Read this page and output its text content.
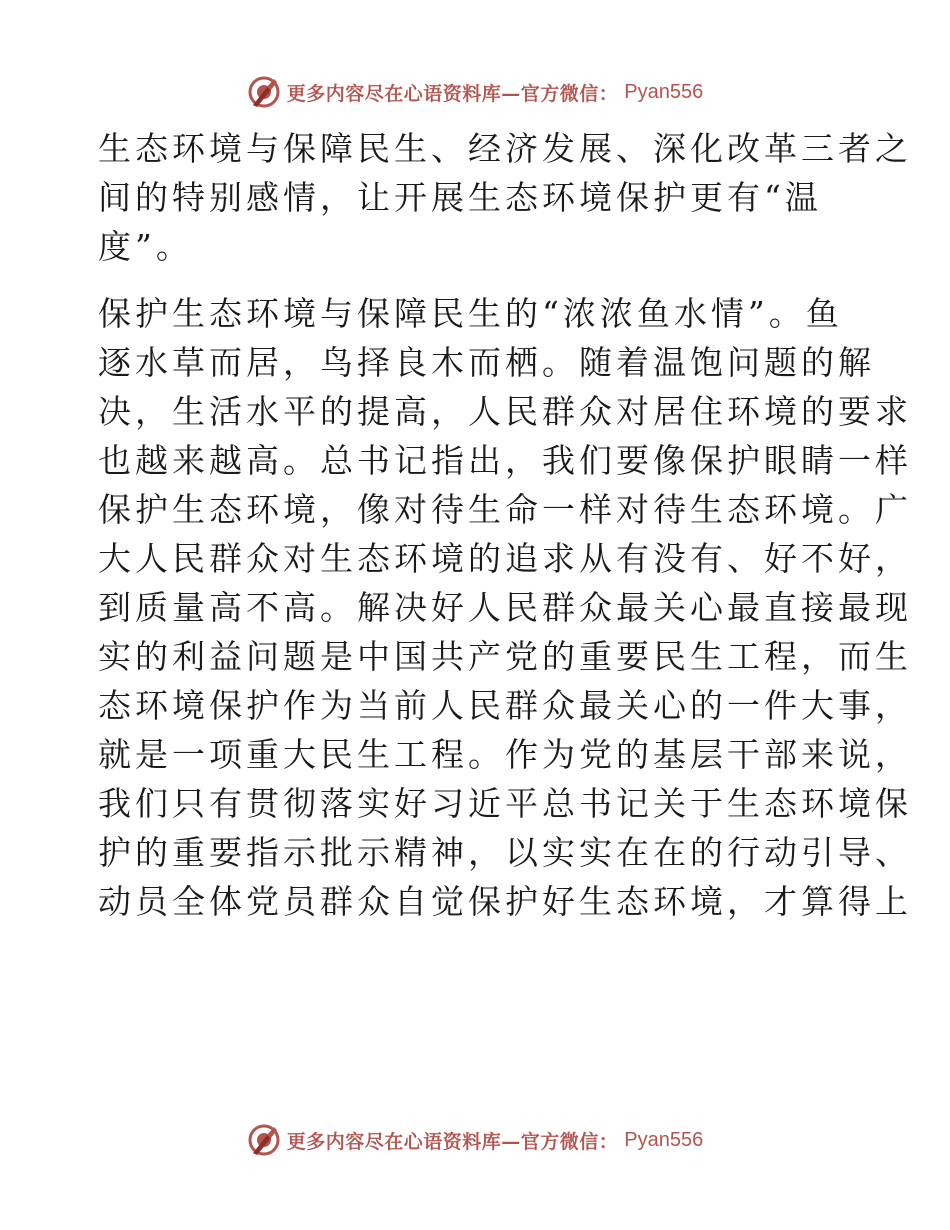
更多内容尽在心语资料库—官方微信： Pyan556
生态环境与保障民生、经济发展、深化改革三者之
间的特别感情，让开展生态环境保护更有“温
度”。
保护生态环境与保障民生的“浓浓鱼水情”。鱼
逐水草而居，鸟择良木而栖。随着温饱问题的解
决，生活水平的提高，人民群众对居住环境的要求
也越来越高。总书记指出，我们要像保护眼睛一样
保护生态环境，像对待生命一样对待生态环境。广
大人民群众对生态环境的追求从有没有、好不好，
到质量高不高。解决好人民群众最关心最直接最现
实的利益问题是中国共产党的重要民生工程，而生
态环境保护作为当前人民群众最关心的一件大事，
就是一项重大民生工程。作为党的基层干部来说，
我们只有贯彻落实好习近平总书记关于生态环境保
护的重要指示批示精神，以实实在在的行动引导、
动员全体党员群众自觉保护好生态环境，才算得上
更多内容尽在心语资料库—官方微信： Pyan556
